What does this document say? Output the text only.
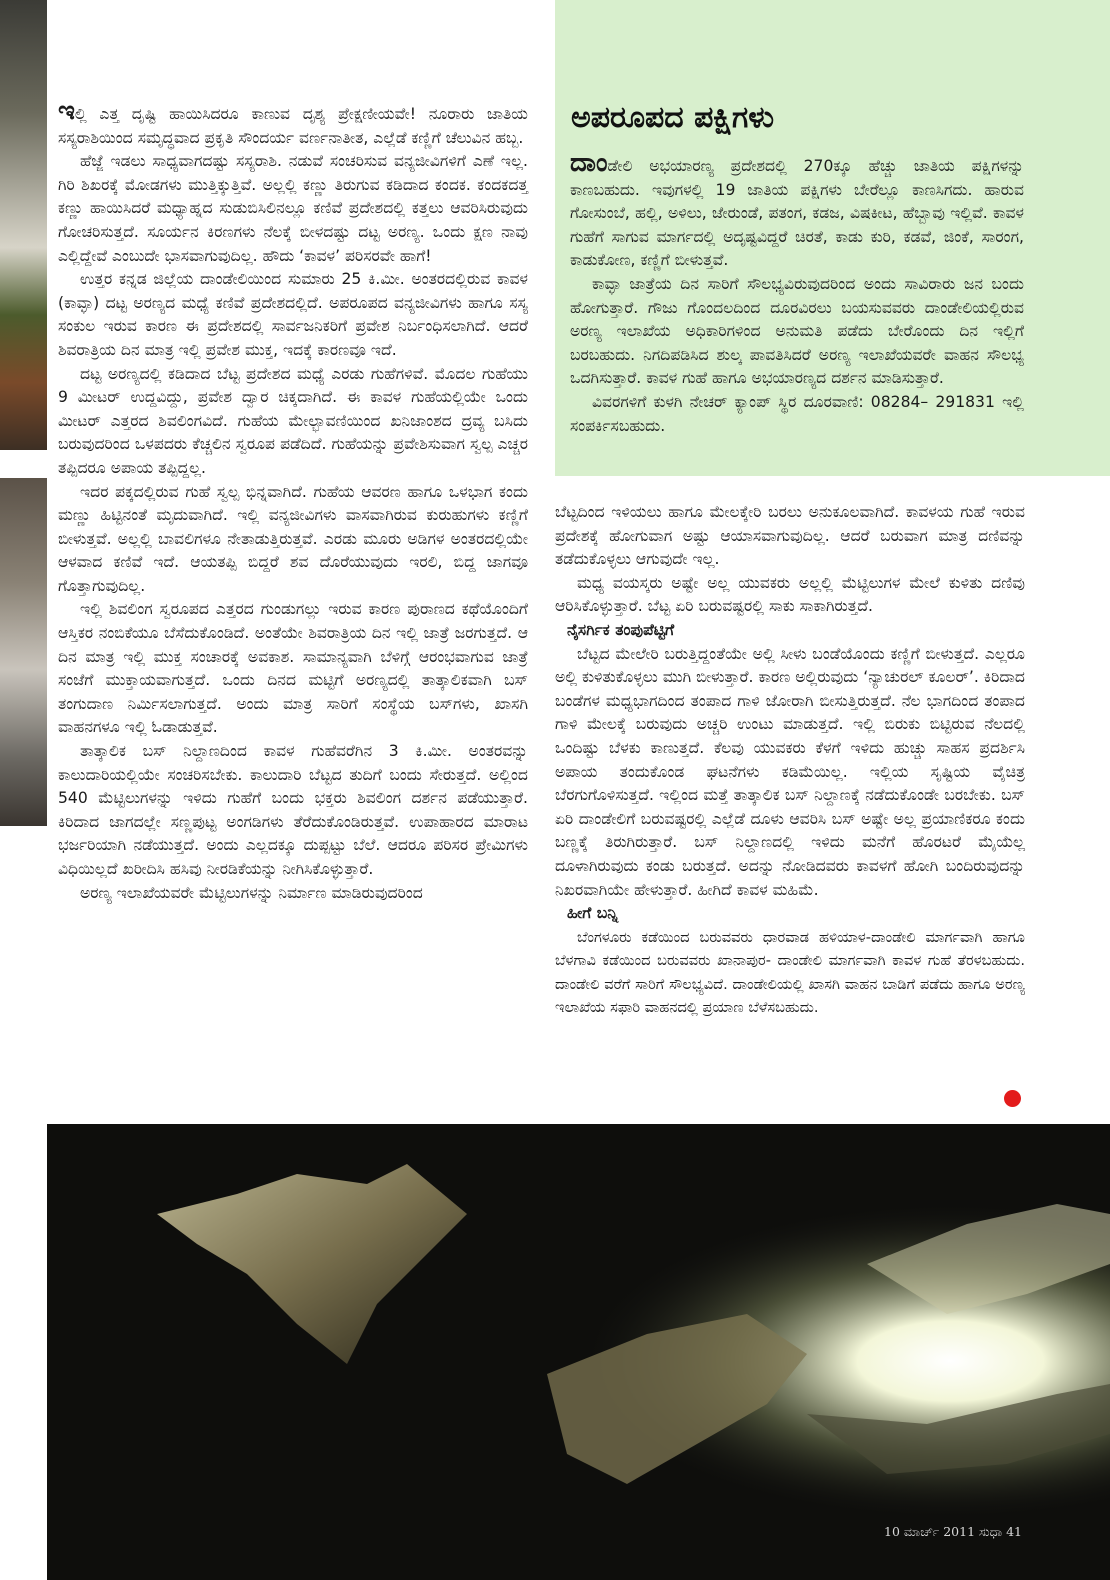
ಇಲ್ಲಿ ಎತ್ತ ದೃಷ್ಟಿ ಹಾಯಿಸಿದರೂ ಕಾಣುವ ದೃಶ್ಯ ಪ್ರೇಕ್ಷಣೀಯವೇ! ನೂರಾರು ಜಾತಿಯ ಸಸ್ಯರಾಶಿಯಿಂದ ಸಮೃದ್ಧವಾದ ಪ್ರಕೃತಿ ಸೌಂದರ್ಯ ವರ್ಣನಾತೀತ, ಎಲ್ಲೆಡೆ ಕಣ್ಣಿಗೆ ಚೆಲುವಿನ ಹಬ್ಬ.

ಹೆಜ್ಜೆ ಇಡಲು ಸಾಧ್ಯವಾಗದಷ್ಟು ಸಸ್ಯರಾಶಿ. ನಡುವೆ ಸಂಚರಿಸುವ ವನ್ಯಜೀವಿಗಳಿಗೆ ಎಣೆ ಇಲ್ಲ. ಗಿರಿ ಶಿಖರಕ್ಕೆ ಮೋಡಗಳು ಮುತ್ತಿಕ್ಕುತ್ತಿವೆ. ಅಲ್ಲಲ್ಲಿ ಕಣ್ಣು ತಿರುಗುವ ಕಡಿದಾದ ಕಂದಕ. ಕಂದಕದತ್ತ ಕಣ್ಣು ಹಾಯಿಸಿದರೆ ಮಧ್ಯಾಹ್ನದ ಸುಡುಬಿಸಿಲಿನಲ್ಲೂ ಕಣಿವೆ ಪ್ರದೇಶದಲ್ಲಿ ಕತ್ತಲು ಆವರಿಸಿರುವುದು ಗೋಚರಿಸುತ್ತದೆ. ಸೂರ್ಯನ ಕಿರಣಗಳು ನೆಲಕ್ಕೆ ಬೀಳದಷ್ಟು ದಟ್ಟ ಅರಣ್ಯ. ಒಂದು ಕ್ಷಣ ನಾವು ಎಲ್ಲಿದ್ದೇವೆ ಎಂಬುದೇ ಭಾಸವಾಗುವುದಿಲ್ಲ. ಹೌದು ‘ಕಾವಳ’ ಪರಿಸರವೇ ಹಾಗೆ!

ಉತ್ತರ ಕನ್ನಡ ಜಿಲ್ಲೆಯ ದಾಂಡೇಲಿಯಿಂದ ಸುಮಾರು 25 ಕಿ.ಮೀ. ಅಂತರದಲ್ಲಿರುವ ಕಾವಳ (ಕಾವ್ಳಾ) ದಟ್ಟ ಅರಣ್ಯದ ಮಧ್ಯೆ ಕಣಿವೆ ಪ್ರದೇಶದಲ್ಲಿದೆ. ಅಪರೂಪದ ವನ್ಯಜೀವಿಗಳು ಹಾಗೂ ಸಸ್ಯ ಸಂಕುಲ ಇರುವ ಕಾರಣ ಈ ಪ್ರದೇಶದಲ್ಲಿ ಸಾರ್ವಜನಿಕರಿಗೆ ಪ್ರವೇಶ ನಿರ್ಬಂಧಿಸಲಾಗಿದೆ. ಆದರೆ ಶಿವರಾತ್ರಿಯ ದಿನ ಮಾತ್ರ ಇಲ್ಲಿ ಪ್ರವೇಶ ಮುಕ್ತ, ಇದಕ್ಕೆ ಕಾರಣವೂ ಇದೆ.

ದಟ್ಟ ಅರಣ್ಯದಲ್ಲಿ ಕಡಿದಾದ ಬೆಟ್ಟ ಪ್ರದೇಶದ ಮಧ್ಯೆ ಎರಡು ಗುಹೆಗಳಿವೆ. ಮೊದಲ ಗುಹೆಯು 9 ಮೀಟರ್ ಉದ್ದವಿದ್ದು, ಪ್ರವೇಶ ದ್ವಾರ ಚಿಕ್ಕದಾಗಿದೆ. ಈ ಕಾವಳ ಗುಹೆಯಲ್ಲಿಯೇ ಒಂದು ಮೀಟರ್ ಎತ್ತರದ ಶಿವಲಿಂಗವಿದೆ. ಗುಹೆಯ ಮೇಲ್ಭಾವಣಿಯಿಂದ ಖನಿಜಾಂಶದ ದ್ರವ್ಯ ಬಸಿದು ಬರುವುದರಿಂದ ಒಳಪದರು ಕೆಚ್ಚಲಿನ ಸ್ವರೂಪ ಪಡೆದಿದೆ. ಗುಹೆಯನ್ನು ಪ್ರವೇಶಿಸುವಾಗ ಸ್ವಲ್ಪ ಎಚ್ಚರ ತಪ್ಪಿದರೂ ಅಪಾಯ ತಪ್ಪಿದ್ದಲ್ಲ.

ಇದರ ಪಕ್ಕದಲ್ಲಿರುವ ಗುಹೆ ಸ್ವಲ್ಪ ಭಿನ್ನವಾಗಿದೆ. ಗುಹೆಯ ಆವರಣ ಹಾಗೂ ಒಳಭಾಗ ಕಂದು ಮಣ್ಣು ಹಿಟ್ಟಿನಂತೆ ಮೃದುವಾಗಿದೆ. ಇಲ್ಲಿ ವನ್ಯಜೀವಿಗಳು ವಾಸವಾಗಿರುವ ಕುರುಹುಗಳು ಕಣ್ಣಿಗೆ ಬೀಳುತ್ತವೆ. ಅಲ್ಲಲ್ಲಿ ಬಾವಲಿಗಳೂ ನೇತಾಡುತ್ತಿರುತ್ತವೆ. ಎರಡು ಮೂರು ಅಡಿಗಳ ಅಂತರದಲ್ಲಿಯೇ ಆಳವಾದ ಕಣಿವೆ ಇದೆ. ಆಯತಪ್ಪಿ ಬಿದ್ದರೆ ಶವ ದೊರೆಯುವುದು ಇರಲಿ, ಬಿದ್ದ ಜಾಗವೂ ಗೊತ್ತಾಗುವುದಿಲ್ಲ.

ಇಲ್ಲಿ ಶಿವಲಿಂಗ ಸ್ವರೂಪದ ಎತ್ತರದ ಗುಂಡುಗಲ್ಲು ಇರುವ ಕಾರಣ ಪುರಾಣದ ಕಥೆಯೊಂದಿಗೆ ಆಸ್ತಿಕರ ನಂಬಿಕೆಯೂ ಬೆಸೆದುಕೊಂಡಿದೆ. ಅಂತೆಯೇ ಶಿವರಾತ್ರಿಯ ದಿನ ಇಲ್ಲಿ ಜಾತ್ರೆ ಜರಗುತ್ತದೆ. ಆ ದಿನ ಮಾತ್ರ ಇಲ್ಲಿ ಮುಕ್ತ ಸಂಚಾರಕ್ಕೆ ಅವಕಾಶ. ಸಾಮಾನ್ಯವಾಗಿ ಬೆಳಿಗ್ಗೆ ಆರಂಭವಾಗುವ ಜಾತ್ರೆ ಸಂಜೆಗೆ ಮುಕ್ತಾಯವಾಗುತ್ತದೆ. ಒಂದು ದಿನದ ಮಟ್ಟಿಗೆ ಅರಣ್ಯದಲ್ಲಿ ತಾತ್ಕಾಲಿಕವಾಗಿ ಬಸ್ ತಂಗುದಾಣ ನಿರ್ಮಿಸಲಾಗುತ್ತದೆ. ಅಂದು ಮಾತ್ರ ಸಾರಿಗೆ ಸಂಸ್ಥೆಯ ಬಸ್‌ಗಳು, ಖಾಸಗಿ ವಾಹನಗಳೂ ಇಲ್ಲಿ ಓಡಾಡುತ್ತವೆ.

ತಾತ್ಕಾಲಿಕ ಬಸ್ ನಿಲ್ದಾಣದಿಂದ ಕಾವಳ ಗುಹೆವರೆಗಿನ 3 ಕಿ.ಮೀ. ಅಂತರವನ್ನು ಕಾಲುದಾರಿಯಲ್ಲಿಯೇ ಸಂಚರಿಸಬೇಕು. ಕಾಲುದಾರಿ ಬೆಟ್ಟದ ತುದಿಗೆ ಬಂದು ಸೇರುತ್ತದೆ. ಅಲ್ಲಿಂದ 540 ಮೆಟ್ಟಿಲುಗಳನ್ನು ಇಳಿದು ಗುಹೆಗೆ ಬಂದು ಭಕ್ತರು ಶಿವಲಿಂಗ ದರ್ಶನ ಪಡೆಯುತ್ತಾರೆ. ಕಿರಿದಾದ ಜಾಗದಲ್ಲೇ ಸಣ್ಣಪುಟ್ಟ ಅಂಗಡಿಗಳು ತೆರೆದುಕೊಂಡಿರುತ್ತವೆ. ಉಪಾಹಾರದ ಮಾರಾಟ ಭರ್ಜರಿಯಾಗಿ ನಡೆಯುತ್ತದೆ. ಅಂದು ಎಲ್ಲದಕ್ಕೂ ದುಪ್ಪಟ್ಟು ಬೆಲೆ. ಆದರೂ ಪರಿಸರ ಪ್ರೇಮಿಗಳು ವಿಧಿಯಿಲ್ಲದೆ ಖರೀದಿಸಿ ಹಸಿವು ನೀರಡಿಕೆಯನ್ನು ನೀಗಿಸಿಕೊಳ್ಳುತ್ತಾರೆ.

ಅರಣ್ಯ ಇಲಾಖೆಯವರೇ ಮೆಟ್ಟಿಲುಗಳನ್ನು ನಿರ್ಮಾಣ ಮಾಡಿರುವುದರಿಂದ

ಅಪರೂಪದ ಪಕ್ಷಿಗಳು

ದಾಂಡೇಲಿ ಅಭಯಾರಣ್ಯ ಪ್ರದೇಶದಲ್ಲಿ 270ಕ್ಕೂ ಹೆಚ್ಚು ಜಾತಿಯ ಪಕ್ಷಿಗಳನ್ನು ಕಾಣಬಹುದು. ಇವುಗಳಲ್ಲಿ 19 ಜಾತಿಯ ಪಕ್ಷಿಗಳು ಬೇರೆಲ್ಲೂ ಕಾಣಸಿಗದು. ಹಾರುವ ಗೋಸುಂಬೆ, ಹಲ್ಲಿ, ಅಳಿಲು, ಜೇರುಂಡೆ, ಪತಂಗ, ಕಡಜ, ವಿಷಕೀಟ, ಹೆಬ್ಬಾವು ಇಲ್ಲಿವೆ. ಕಾವಳ ಗುಹೆಗೆ ಸಾಗುವ ಮಾರ್ಗದಲ್ಲಿ ಅದೃಷ್ಟವಿದ್ದರೆ ಚಿರತೆ, ಕಾಡು ಕುರಿ, ಕಡವೆ, ಜಿಂಕೆ, ಸಾರಂಗ, ಕಾಡುಕೋಣ, ಕಣ್ಣಿಗೆ ಬೀಳುತ್ತವೆ.

ಕಾವ್ಳಾ ಜಾತ್ರೆಯ ದಿನ ಸಾರಿಗೆ ಸೌಲಭ್ಯವಿರುವುದರಿಂದ ಅಂದು ಸಾವಿರಾರು ಜನ ಬಂದು ಹೋಗುತ್ತಾರೆ. ಗೌಜು ಗೊಂದಲದಿಂದ ದೂರವಿರಲು ಬಯಸುವವರು ದಾಂಡೇಲಿಯಲ್ಲಿರುವ ಅರಣ್ಯ ಇಲಾಖೆಯ ಅಧಿಕಾರಿಗಳಿಂದ ಅನುಮತಿ ಪಡೆದು ಬೇರೊಂದು ದಿನ ಇಲ್ಲಿಗೆ ಬರಬಹುದು. ನಿಗದಿಪಡಿಸಿದ ಶುಲ್ಕ ಪಾವತಿಸಿದರೆ ಅರಣ್ಯ ಇಲಾಖೆಯವರೇ ವಾಹನ ಸೌಲಭ್ಯ ಒದಗಿಸುತ್ತಾರೆ. ಕಾವಳ ಗುಹೆ ಹಾಗೂ ಅಭಯಾರಣ್ಯದ ದರ್ಶನ ಮಾಡಿಸುತ್ತಾರೆ.

ವಿವರಗಳಿಗೆ ಕುಳಗಿ ನೇಚರ್ ಕ್ಯಾಂಪ್ ಸ್ಥಿರ ದೂರವಾಣಿ: 08284– 291831 ಇಲ್ಲಿ ಸಂಪರ್ಕಿಸಬಹುದು.

ಬೆಟ್ಟದಿಂದ ಇಳಿಯಲು ಹಾಗೂ ಮೇಲಕ್ಕೇರಿ ಬರಲು ಅನುಕೂಲವಾಗಿದೆ. ಕಾವಳಯ ಗುಹೆ ಇರುವ ಪ್ರದೇಶಕ್ಕೆ ಹೋಗುವಾಗ ಅಷ್ಟು ಆಯಾಸವಾಗುವುದಿಲ್ಲ. ಆದರೆ ಬರುವಾಗ ಮಾತ್ರ ದಣಿವನ್ನು ತಡೆದುಕೊಳ್ಳಲು ಆಗುವುದೇ ಇಲ್ಲ.

ಮಧ್ಯ ವಯಸ್ಕರು ಅಷ್ಟೇ ಅಲ್ಲ ಯುವಕರು ಅಲ್ಲಲ್ಲಿ ಮೆಟ್ಟಿಲುಗಳ ಮೇಲೆ ಕುಳಿತು ದಣಿವು ಆರಿಸಿಕೊಳ್ಳುತ್ತಾರೆ. ಬೆಟ್ಟ ಏರಿ ಬರುವಷ್ಟರಲ್ಲಿ ಸಾಕು ಸಾಕಾಗಿರುತ್ತದೆ.

ನೈಸರ್ಗಿಕ ತಂಪುಪೆಟ್ಟಿಗೆ

ಬೆಟ್ಟದ ಮೇಲೇರಿ ಬರುತ್ತಿದ್ದಂತೆಯೇ ಅಲ್ಲಿ ಸೀಳು ಬಂಡೆಯೊಂದು ಕಣ್ಣಿಗೆ ಬೀಳುತ್ತದೆ. ಎಲ್ಲರೂ ಅಲ್ಲಿ ಕುಳಿತುಕೊಳ್ಳಲು ಮುಗಿ ಬೀಳುತ್ತಾರೆ. ಕಾರಣ ಅಲ್ಲಿರುವುದು ‘ನ್ಯಾಚುರಲ್ ಕೂಲರ್’. ಕಿರಿದಾದ ಬಂಡೆಗಳ ಮಧ್ಯಭಾಗದಿಂದ ತಂಪಾದ ಗಾಳಿ ಜೋರಾಗಿ ಬೀಸುತ್ತಿರುತ್ತದೆ. ನೆಲ ಭಾಗದಿಂದ ತಂಪಾದ ಗಾಳಿ ಮೇಲಕ್ಕೆ ಬರುವುದು ಅಚ್ಚರಿ ಉಂಟು ಮಾಡುತ್ತದೆ. ಇಲ್ಲಿ ಬಿರುಕು ಬಿಟ್ಟಿರುವ ನೆಲದಲ್ಲಿ ಒಂದಿಷ್ಟು ಬೆಳಕು ಕಾಣುತ್ತದೆ. ಕೆಲವು ಯುವಕರು ಕೆಳಗೆ ಇಳಿದು ಹುಚ್ಚು ಸಾಹಸ ಪ್ರದರ್ಶಿಸಿ ಅಪಾಯ ತಂದುಕೊಂಡ ಘಟನೆಗಳು ಕಡಿಮೆಯಿಲ್ಲ. ಇಲ್ಲಿಯ ಸೃಷ್ಟಿಯ ವೈಚಿತ್ರ ಬೆರಗುಗೊಳಿಸುತ್ತದೆ. ಇಲ್ಲಿಂದ ಮತ್ತೆ ತಾತ್ಕಾಲಿಕ ಬಸ್ ನಿಲ್ದಾಣಕ್ಕೆ ನಡೆದುಕೊಂಡೇ ಬರಬೇಕು. ಬಸ್ ಏರಿ ದಾಂಡೇಲಿಗೆ ಬರುವಷ್ಟರಲ್ಲಿ ಎಲ್ಲೆಡೆ ದೂಳು ಆವರಿಸಿ ಬಸ್ ಅಷ್ಟೇ ಅಲ್ಲ ಪ್ರಯಾಣಿಕರೂ ಕಂದು ಬಣ್ಣಕ್ಕೆ ತಿರುಗಿರುತ್ತಾರೆ. ಬಸ್ ನಿಲ್ದಾಣದಲ್ಲಿ ಇಳಿದು ಮನೆಗೆ ಹೊರಟರೆ ಮೈಯೆಲ್ಲ ದೂಳಾಗಿರುವುದು ಕಂಡು ಬರುತ್ತದೆ. ಅದನ್ನು ನೋಡಿದವರು ಕಾವಳಗೆ ಹೋಗಿ ಬಂದಿರುವುದನ್ನು ನಿಖರವಾಗಿಯೇ ಹೇಳುತ್ತಾರೆ. ಹೀಗಿದೆ ಕಾವಳ ಮಹಿಮೆ.

ಹೀಗೆ ಬನ್ನಿ

ಬೆಂಗಳೂರು ಕಡೆಯಿಂದ ಬರುವವರು ಧಾರವಾಡ ಹಳಿಯಾಳ-ದಾಂಡೇಲಿ ಮಾರ್ಗವಾಗಿ ಹಾಗೂ ಬೆಳಗಾವಿ ಕಡೆಯಿಂದ ಬರುವವರು ಖಾನಾಪುರ- ದಾಂಡೇಲಿ ಮಾರ್ಗವಾಗಿ ಕಾವಳ ಗುಹೆ ತೆರಳಬಹುದು. ದಾಂಡೇಲಿ ವರೆಗೆ ಸಾರಿಗೆ ಸೌಲಭ್ಯವಿದೆ. ದಾಂಡೇಲಿಯಲ್ಲಿ ಖಾಸಗಿ ವಾಹನ ಬಾಡಿಗೆ ಪಡೆದು ಹಾಗೂ ಅರಣ್ಯ ಇಲಾಖೆಯ ಸಫಾರಿ ವಾಹನದಲ್ಲಿ ಪ್ರಯಾಣ ಬೆಳೆಸಬಹುದು.

10 ಮಾರ್ಚ್ 2011 ಸುಧಾ 41
